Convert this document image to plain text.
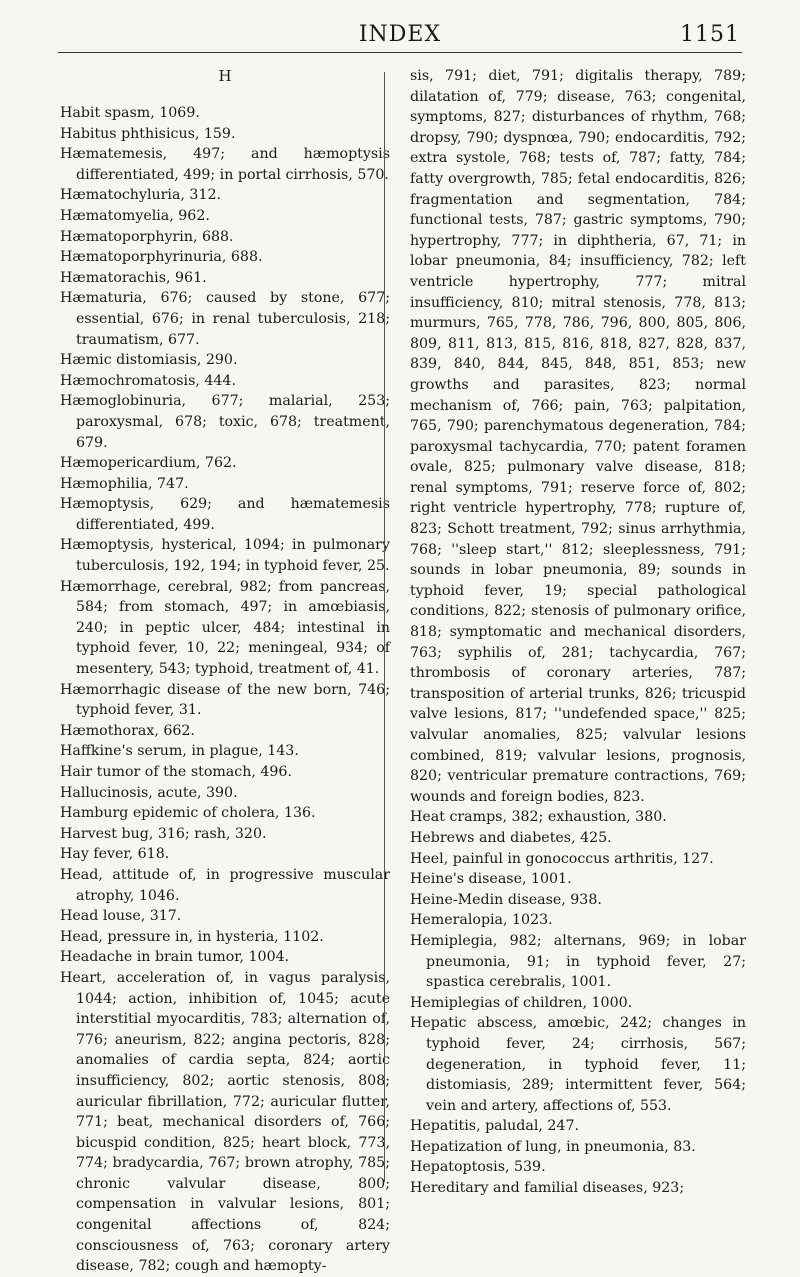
INDEX	1151
H

Habit spasm, 1069.

Habitus phthisicus, 159.

Hæmatemesis, 497; and hæmoptysis differentiated, 499; in portal cirrhosis, 570.

Hæmatochyluria, 312.

Hæmatomyelia, 962.

Hæmatoporphyrin, 688.

Hæmatoporphyrinuria, 688.

Hæmatorachis, 961.

Hæmaturia, 676; caused by stone, 677; essential, 676; in renal tuberculosis, 218; traumatism, 677.

Hæmic distomiasis, 290.

Hæmochromatosis, 444.

Hæmoglobinuria, 677; malarial, 253; paroxysmal, 678; toxic, 678; treatment, 679.

Hæmopericardium, 762.

Hæmophilia, 747.

Hæmoptysis, 629; and hæmatemesis differentiated, 499.

Hæmoptysis, hysterical, 1094; in pulmonary tuberculosis, 192, 194; in typhoid fever, 25.

Hæmorrhage, cerebral, 982; from pancreas, 584; from stomach, 497; in amœbiasis, 240; in peptic ulcer, 484; intestinal in typhoid fever, 10, 22; meningeal, 934; of mesentery, 543; typhoid, treatment of, 41.

Hæmorrhagic disease of the new born, 746; typhoid fever, 31.

Hæmothorax, 662.

Haffkine's serum, in plague, 143.

Hair tumor of the stomach, 496.

Hallucinosis, acute, 390.

Hamburg epidemic of cholera, 136.

Harvest bug, 316; rash, 320.

Hay fever, 618.

Head, attitude of, in progressive muscular atrophy, 1046.

Head louse, 317.

Head, pressure in, in hysteria, 1102.

Headache in brain tumor, 1004.

Heart, acceleration of, in vagus paralysis, 1044; action, inhibition of, 1045; acute interstitial myocarditis, 783; alternation of, 776; aneurism, 822; angina pectoris, 828; anomalies of cardia septa, 824; aortic insufficiency, 802; aortic stenosis, 808; auricular fibrillation, 772; auricular flutter, 771; beat, mechanical disorders of, 766; bicuspid condition, 825; heart block, 773, 774; bradycardia, 767; brown atrophy, 785; chronic valvular disease, 800; compensation in valvular lesions, 801; congenital affections of, 824; consciousness of, 763; coronary artery disease, 782; cough and hæmopty-

sis, 791; diet, 791; digitalis therapy, 789; dilatation of, 779; disease, 763; congenital, symptoms, 827; disturbances of rhythm, 768; dropsy, 790; dyspnœa, 790; endocarditis, 792; extra systole, 768; tests of, 787; fatty, 784; fatty overgrowth, 785; fetal endocarditis, 826; fragmentation and segmentation, 784; functional tests, 787; gastric symptoms, 790; hypertrophy, 777; in diphtheria, 67, 71; in lobar pneumonia, 84; insufficiency, 782; left ventricle hypertrophy, 777; mitral insufficiency, 810; mitral stenosis, 778, 813; murmurs, 765, 778, 786, 796, 800, 805, 806, 809, 811, 813, 815, 816, 818, 827, 828, 837, 839, 840, 844, 845, 848, 851, 853; new growths and parasites, 823; normal mechanism of, 766; pain, 763; palpitation, 765, 790; parenchymatous degeneration, 784; paroxysmal tachycardia, 770; patent foramen ovale, 825; pulmonary valve disease, 818; renal symptoms, 791; reserve force of, 802; right ventricle hypertrophy, 778; rupture of, 823; Schott treatment, 792; sinus arrhythmia, 768; ''sleep start,'' 812; sleeplessness, 791; sounds in lobar pneumonia, 89; sounds in typhoid fever, 19; special pathological conditions, 822; stenosis of pulmonary orifice, 818; symptomatic and mechanical disorders, 763; syphilis of, 281; tachycardia, 767; thrombosis of coronary arteries, 787; transposition of arterial trunks, 826; tricuspid valve lesions, 817; ''undefended space,'' 825; valvular anomalies, 825; valvular lesions combined, 819; valvular lesions, prognosis, 820; ventricular premature contractions, 769; wounds and foreign bodies, 823.

Heat cramps, 382; exhaustion, 380.

Hebrews and diabetes, 425.

Heel, painful in gonococcus arthritis, 127.

Heine's disease, 1001.

Heine-Medin disease, 938.

Hemeralopia, 1023.

Hemiplegia, 982; alternans, 969; in lobar pneumonia, 91; in typhoid fever, 27; spastica cerebralis, 1001.

Hemiplegias of children, 1000.

Hepatic abscess, amœbic, 242; changes in typhoid fever, 24; cirrhosis, 567; degeneration, in typhoid fever, 11; distomiasis, 289; intermittent fever, 564; vein and artery, affections of, 553.

Hepatitis, paludal, 247.

Hepatization of lung, in pneumonia, 83.

Hepatoptosis, 539.

Hereditary and familial diseases, 923;
